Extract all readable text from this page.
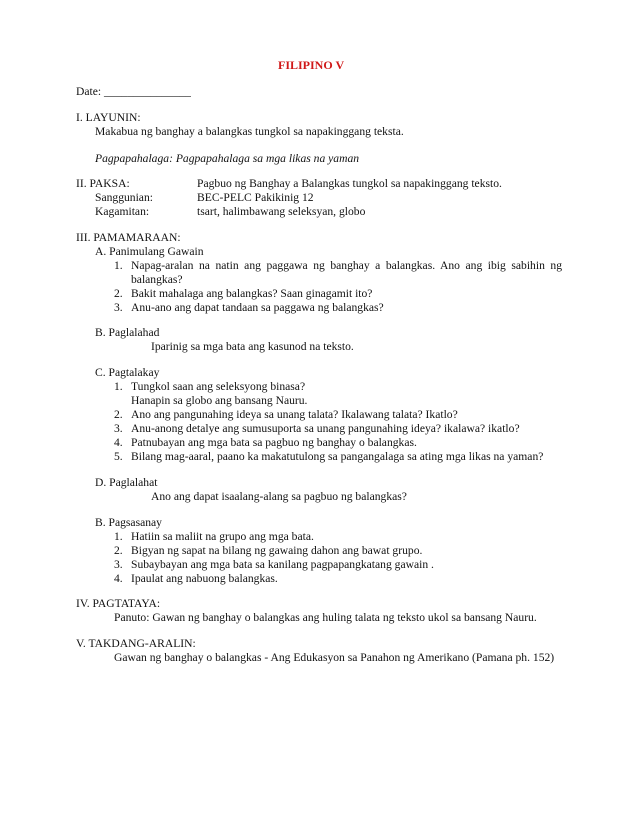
FILIPINO V
Date: _______________
I. LAYUNIN:
Makabua ng banghay a balangkas tungkol sa napakinggang teksta.
Pagpapahalaga: Pagpapahalaga sa mga likas na yaman
II. PAKSA:	Pagbuo ng Banghay a Balangkas tungkol sa napakinggang teksto.
Sanggunian:	BEC-PELC Pakikinig 12
Kagamitan:	tsart, halimbawang seleksyan, globo
III. PAMAMARAAN:
A. Panimulang Gawain
1. Napag-aralan na natin ang paggawa ng banghay a balangkas. Ano ang ibig sabihin ng
balangkas?
2. Bakit mahalaga ang balangkas? Saan ginagamit ito?
3. Anu-ano ang dapat tandaan sa paggawa ng balangkas?
B. Paglalahad
Iparinig sa mga bata ang kasunod na teksto.
C. Pagtalakay
1. Tungkol saan ang seleksyong binasa?
Hanapin sa globo ang bansang Nauru.
2. Ano ang pangunahing ideya sa unang talata? Ikalawang talata? Ikatlo?
3. Anu-anong detalye ang sumusuporta sa unang pangunahing ideya? ikalawa? ikatlo?
4. Patnubayan ang mga bata sa pagbuo ng banghay o balangkas.
5. Bilang mag-aaral, paano ka makatutulong sa pangangalaga sa ating mga likas na yaman?
D. Paglalahat
Ano ang dapat isaalang-alang sa pagbuo ng balangkas?
B. Pagsasanay
1. Hatiin sa maliit na grupo ang mga bata.
2. Bigyan ng sapat na bilang ng gawaing dahon ang bawat grupo.
3. Subaybayan ang mga bata sa kanilang pagpapangkatang gawain .
4. Ipaulat ang nabuong balangkas.
IV. PAGTATAYA:
Panuto: Gawan ng banghay o balangkas ang huling talata ng teksto ukol sa bansang Nauru.
V. TAKDANG-ARALIN:
Gawan ng banghay o balangkas - Ang Edukasyon sa Panahon ng Amerikano (Pamana ph. 152)
